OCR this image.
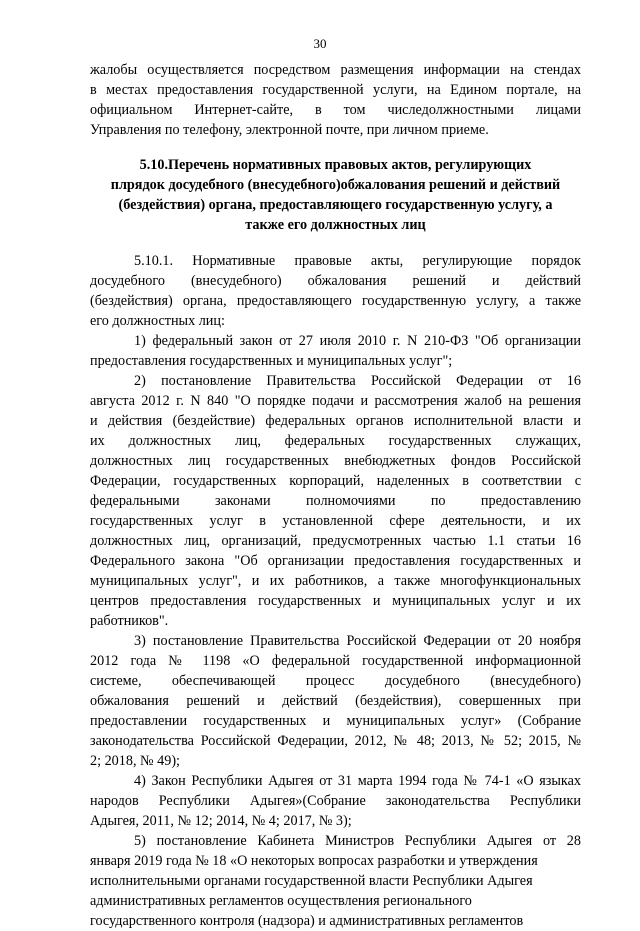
30
жалобы осуществляется посредством размещения информации на стендах
в местах предоставления государственной услуги, на Едином портале, на
официальном Интернет-сайте, в том числедолжностными лицами
Управления по телефону, электронной почте, при личном приеме.
5.10.Перечень нормативных правовых актов, регулирующих
плрядок досудебного (внесудебного)обжалования решений и действий
(бездействия) органа, предоставляющего государственную услугу, а
также его должностных лиц
5.10.1. Нормативные правовые акты, регулирующие порядок
досудебного (внесудебного) обжалования решений и действий
(бездействия) органа, предоставляющего государственную услугу, а также
его должностных лиц:
1) федеральный закон от 27 июля 2010 г. N 210-ФЗ "Об организации
предоставления государственных и муниципальных услуг";
2) постановление Правительства Российской Федерации от 16
августа 2012 г. N 840 "О порядке подачи и рассмотрения жалоб на решения
и действия (бездействие) федеральных органов исполнительной власти и
их должностных лиц, федеральных государственных служащих,
должностных лиц государственных внебюджетных фондов Российской
Федерации, государственных корпораций, наделенных в соответствии с
федеральными законами полномочиями по предоставлению
государственных услуг в установленной сфере деятельности, и их
должностных лиц, организаций, предусмотренных частью 1.1 статьи 16
Федерального закона "Об организации предоставления государственных и
муниципальных услуг", и их работников, а также многофункциональных
центров предоставления государственных и муниципальных услуг и их
работников".
3) постановление Правительства Российской Федерации от 20 ноября
2012 года № 1198 «О федеральной государственной информационной
системе, обеспечивающей процесс досудебного (внесудебного)
обжалования решений и действий (бездействия), совершенных при
предоставлении государственных и муниципальных услуг» (Собрание
законодательства Российской Федерации, 2012, № 48; 2013, № 52; 2015, №
2; 2018, № 49);
4) Закон Республики Адыгея от 31 марта 1994 года № 74-1 «О языках
народов Республики Адыгея»(Собрание законодательства Республики
Адыгея, 2011, № 12; 2014, № 4; 2017, № 3);
5) постановление Кабинета Министров Республики Адыгея от 28
января 2019 года № 18 «О некоторых вопросах разработки и утверждения
исполнительными органами государственной власти Республики Адыгея
административных регламентов осуществления регионального
государственного контроля (надзора) и административных регламентов
